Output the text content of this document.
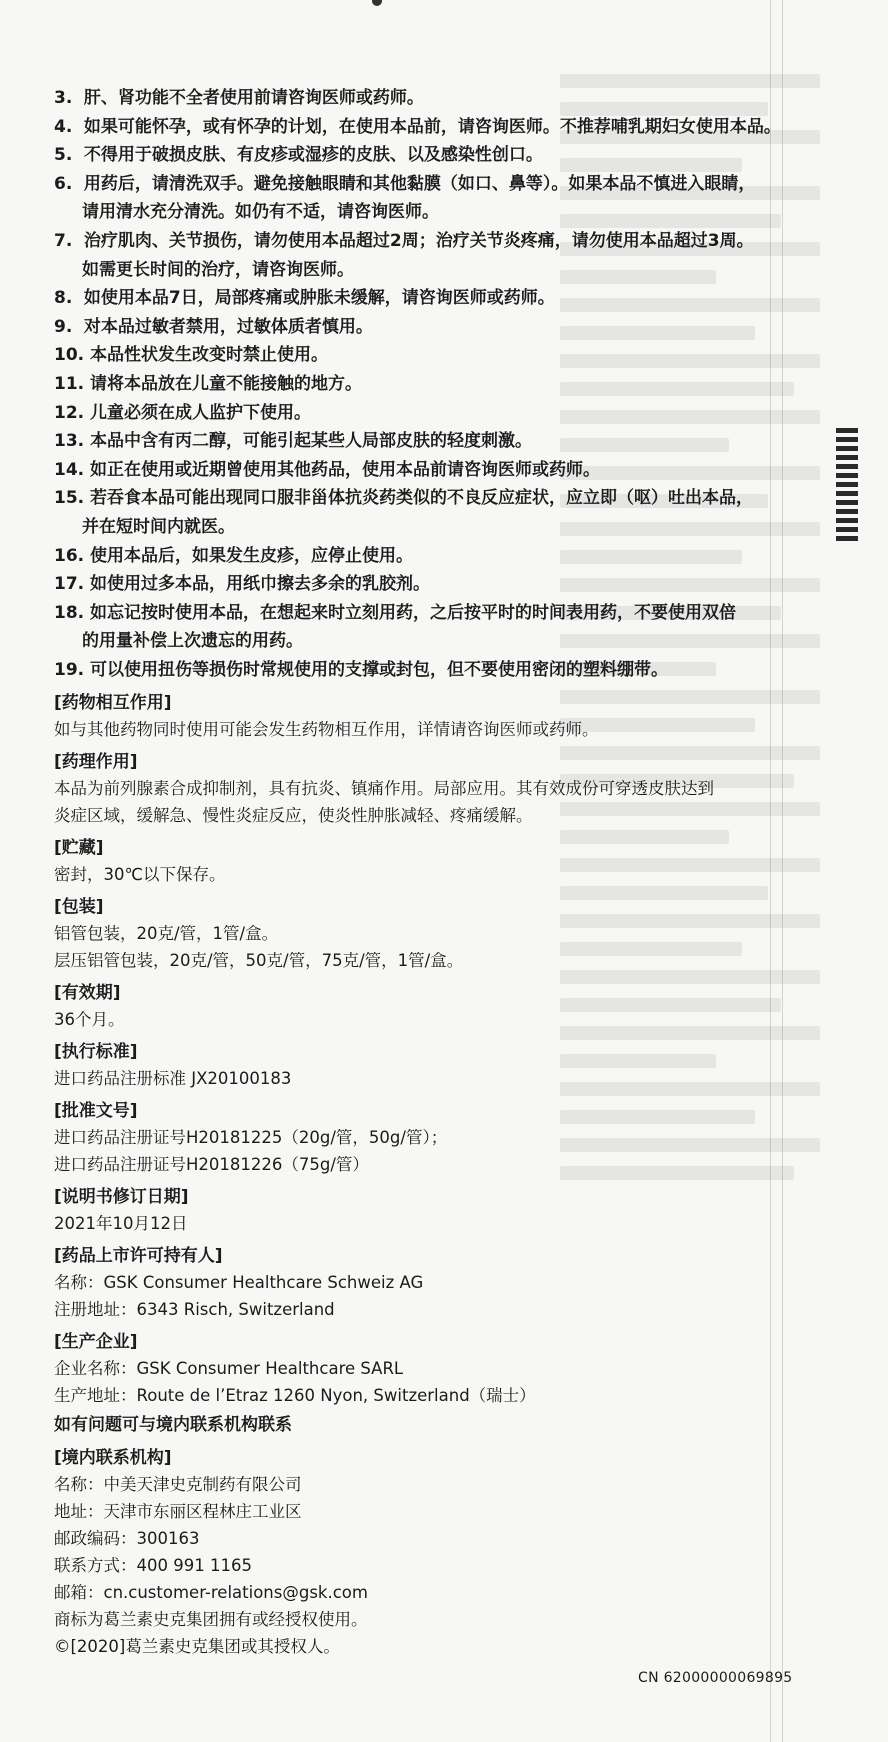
3. 肝、肾功能不全者使用前请咨询医师或药师。
4. 如果可能怀孕，或有怀孕的计划，在使用本品前，请咨询医师。不推荐哺乳期妇女使用本品。
5. 不得用于破损皮肤、有皮疹或湿疹的皮肤、以及感染性创口。
6. 用药后，请清洗双手。避免接触眼睛和其他黏膜（如口、鼻等）。如果本品不慎进入眼睛，
请用清水充分清洗。如仍有不适，请咨询医师。
7. 治疗肌肉、关节损伤，请勿使用本品超过2周；治疗关节炎疼痛，请勿使用本品超过3周。
如需更长时间的治疗，请咨询医师。
8. 如使用本品7日，局部疼痛或肿胀未缓解，请咨询医师或药师。
9. 对本品过敏者禁用，过敏体质者慎用。
10. 本品性状发生改变时禁止使用。
11. 请将本品放在儿童不能接触的地方。
12. 儿童必须在成人监护下使用。
13. 本品中含有丙二醇，可能引起某些人局部皮肤的轻度刺激。
14. 如正在使用或近期曾使用其他药品，使用本品前请咨询医师或药师。
15. 若吞食本品可能出现同口服非甾体抗炎药类似的不良反应症状，应立即（呕）吐出本品，
并在短时间内就医。
16. 使用本品后，如果发生皮疹，应停止使用。
17. 如使用过多本品，用纸巾擦去多余的乳胶剂。
18. 如忘记按时使用本品，在想起来时立刻用药，之后按平时的时间表用药，不要使用双倍
的用量补偿上次遗忘的用药。
19. 可以使用扭伤等损伤时常规使用的支撑或封包，但不要使用密闭的塑料绷带。
[药物相互作用]
如与其他药物同时使用可能会发生药物相互作用，详情请咨询医师或药师。
[药理作用]
本品为前列腺素合成抑制剂，具有抗炎、镇痛作用。局部应用。其有效成份可穿透皮肤达到
炎症区域，缓解急、慢性炎症反应，使炎性肿胀减轻、疼痛缓解。
[贮藏]
密封，30℃以下保存。
[包装]
铝管包装，20克/管，1管/盒。
层压铝管包装，20克/管，50克/管，75克/管，1管/盒。
[有效期]
36个月。
[执行标准]
进口药品注册标准 JX20100183
[批准文号]
进口药品注册证号H20181225（20g/管，50g/管）；
进口药品注册证号H20181226（75g/管）
[说明书修订日期]
2021年10月12日
[药品上市许可持有人]
名称：GSK Consumer Healthcare Schweiz AG
注册地址：6343 Risch, Switzerland
[生产企业]
企业名称：GSK Consumer Healthcare SARL
生产地址：Route de l’Etraz 1260 Nyon, Switzerland（瑞士）
如有问题可与境内联系机构联系
[境内联系机构]
名称：中美天津史克制药有限公司
地址：天津市东丽区程林庄工业区
邮政编码：300163
联系方式：400 991 1165
邮箱：cn.customer-relations@gsk.com
商标为葛兰素史克集团拥有或经授权使用。
©[2020]葛兰素史克集团或其授权人。
CN 62000000069895
